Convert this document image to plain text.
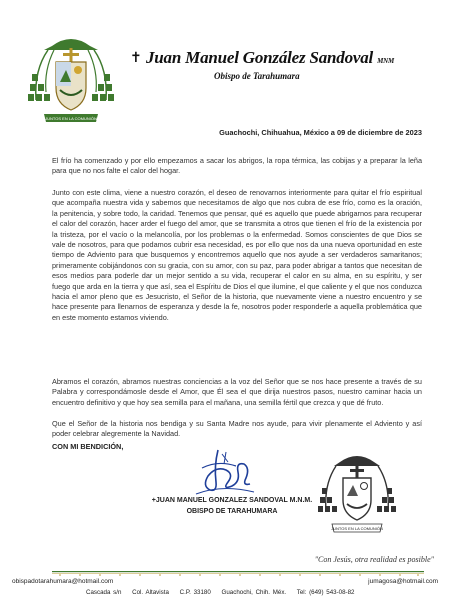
JUNTOS EN LA COMUNIÓN
✝ Juan Manuel González Sandoval MNM
Obispo de Tarahumara
Guachochi, Chihuahua, México a 09 de diciembre de 2023

El frío ha comenzado y por ello empezamos a sacar los abrigos, la ropa térmica, las cobijas y a preparar la leña para que no nos falte el calor del hogar.

Junto con este clima, viene a nuestro corazón, el deseo de renovarnos interiormente para quitar el frío espiritual que acompaña nuestra vida y sabemos que necesitamos de algo que nos cubra de ese frío, como es la oración, la penitencia, y sobre todo, la caridad. Tenemos que pensar, qué es aquello que puede abrigarnos para recuperar el calor del corazón, hacer arder el fuego del amor, que se transmita a otros que tienen el frío de la existencia por la tristeza, por el vacío o la melancolía, por los problemas o la enfermedad. Somos conscientes de que Dios se vale de nosotros, para que podamos cubrir esa necesidad, es por ello que nos da una nueva oportunidad en este tiempo de Adviento para que busquemos y encontremos aquello que nos ayude a ser verdaderos samaritanos; primeramente cobijándonos con su gracia, con su amor, con su paz, para poder abrigar a tantos que necesitan de esos medios para poderle dar un mejor sentido a su vida, recuperar el calor en su alma, en su espíritu, y ser fuego que arda en la tierra y que así, sea el Espíritu de Dios el que ilumine, el que caliente y el que nos conduzca hacia el amor pleno que es Jesucristo, el Señor de la historia, que nuevamente viene a nuestro encuentro y se hace presente para llenarnos de esperanza y desde la fe, nosotros poder responderle a aquella problemática que en este momento estamos viviendo.

Abramos el corazón, abramos nuestras conciencias a la voz del Señor que se nos hace presente a través de su Palabra y correspondámosle desde el Amor, que Él sea el que dirija nuestros pasos, nuestro caminar hacia un encuentro definitivo y que hoy sea semilla para el mañana, una semilla fértil que crezca y que dé fruto.

Que el Señor de la historia nos bendiga y su Santa Madre nos ayude, para vivir plenamente el Adviento y así poder celebrar alegremente la Navidad.

CON MI BENDICIÓN,
+JUAN MANUEL GONZALEZ SANDOVAL M.N.M.
OBISPO DE TARAHUMARA
JUNTOS EN LA COMUNIÓN
"Con Jesús, otra realidad es posible"
obispadotarahumara@hotmail.com	jumagosa@hotmail.com
Cascada s/n Col. Altavista C.P. 33180 Guachochi, Chih. Méx. Tel: (649) 543-08-82
